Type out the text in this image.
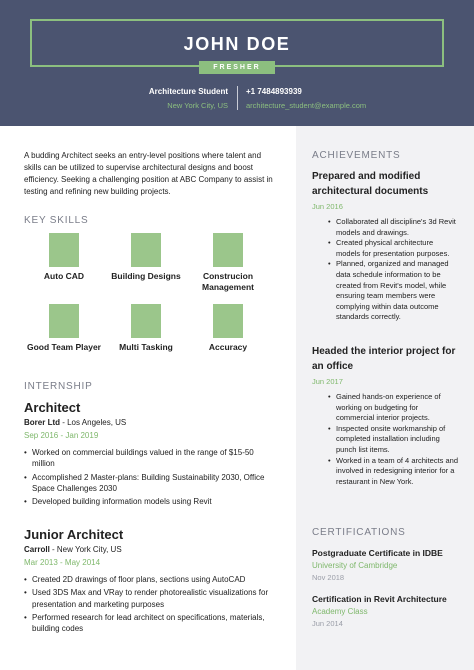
JOHN DOE
FRESHER
Architecture Student
New York City, US
+1 7484893939
architecture_student@example.com
A budding Architect seeks an entry-level positions where talent and skills can be utilized to supervise architectural designs and boost efficiency. Seeking a challenging position at ABC Company to assist in testing and refining new building projects.
KEY SKILLS
Auto CAD	Building Designs	Construcion Management
Good Team Player	Multi Tasking	Accuracy
INTERNSHIP
Architect
Borer Ltd - Los Angeles, US
Sep 2016 - Jan 2019
• Worked on commercial buildings valued in the range of $15-50 million
• Accomplished 2 Master-plans: Building Sustainability 2030, Office Space Challenges 2030
• Developed building information models using Revit
Junior Architect
Carroll - New York City, US
Mar 2013 - May 2014
• Created 2D drawings of floor plans, sections using AutoCAD
• Used 3DS Max and VRay to render photorealistic visualizations for presentation and marketing purposes
• Performed research for lead architect on specifications, materials, building codes
ACHIEVEMENTS
Prepared and modified architectural documents
Jun 2016
• Collaborated all discipline's 3d Revit models and drawings.
• Created physical architecture models for presentation purposes.
• Planned, organized and managed data schedule information to be created from Revit's model, while ensuring team members were complying within data outcome standards correctly.
Headed the interior project for an office
Jun 2017
• Gained hands-on experience of working on budgeting for commercial interior projects.
• Inspected onsite workmanship of completed installation including punch list items.
• Worked in a team of 4 architects and involved in redesigning interior for a restaurant in New York.
CERTIFICATIONS
Postgraduate Certificate in IDBE
University of Cambridge
Nov 2018
Certification in Revit Architecture
Academy Class
Jun 2014
